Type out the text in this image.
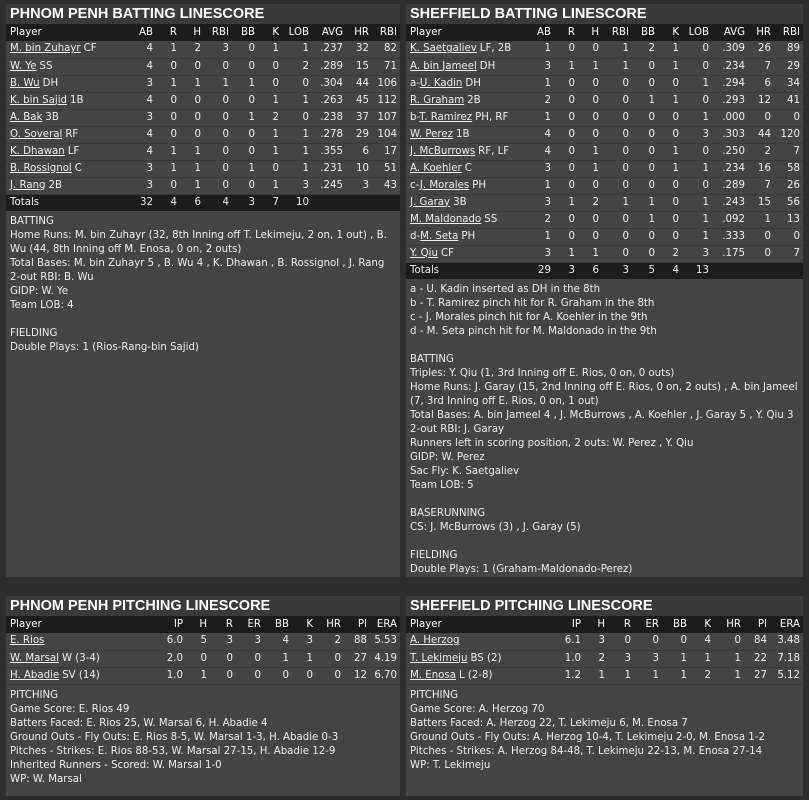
PHNOM PENH BATTING LINESCORE
Player	AB	R	H	RBI	BB	K	LOB	AVG	HR	RBI
M. bin Zuhayr CF	4	1	2	3	0	1	1	.237	32	82
W. Ye SS	4	0	0	0	0	0	2	.289	15	71
B. Wu DH	3	1	1	1	1	0	0	.304	44	106
K. bin Sajid 1B	4	0	0	0	0	1	1	.263	45	112
A. Bak 3B	3	0	0	0	1	2	0	.238	37	107
O. Soveral RF	4	0	0	0	0	1	1	.278	29	104
K. Dhawan LF	4	1	1	0	0	1	1	.355	6	17
B. Rossignol C	3	1	1	0	1	0	1	.231	10	51
J. Rang 2B	3	0	1	0	0	1	3	.245	3	43
Totals	32	4	6	4	3	7	10			
BATTING
Home Runs: M. bin Zuhayr (32, 8th Inning off T. Lekimeju, 2 on, 1 out) , B. Wu (44, 8th Inning off M. Enosa, 0 on, 2 outs)
Total Bases: M. bin Zuhayr 5 , B. Wu 4 , K. Dhawan , B. Rossignol , J. Rang
2-out RBI: B. Wu
GIDP: W. Ye
Team LOB: 4
FIELDING
Double Plays: 1 (Rios-Rang-bin Sajid)
SHEFFIELD BATTING LINESCORE
Player	AB	R	H	RBI	BB	K	LOB	AVG	HR	RBI
K. Saetgaliev LF, 2B	1	0	0	1	2	1	0	.309	26	89
A. bin Jameel DH	3	1	1	1	0	1	0	.234	7	29
a-U. Kadin DH	1	0	0	0	0	0	1	.294	6	34
R. Graham 2B	2	0	0	0	1	1	0	.293	12	41
b-T. Ramirez PH, RF	1	0	0	0	0	0	1	.000	0	0
W. Perez 1B	4	0	0	0	0	0	3	.303	44	120
J. McBurrows RF, LF	4	0	1	0	0	1	0	.250	2	7
A. Koehler C	3	0	1	0	0	1	1	.234	16	58
c-J. Morales PH	1	0	0	0	0	0	0	.289	7	26
J. Garay 3B	3	1	2	1	1	0	1	.243	15	56
M. Maldonado SS	2	0	0	0	1	0	1	.092	1	13
d-M. Seta PH	1	0	0	0	0	0	1	.333	0	0
Y. Qiu CF	3	1	1	0	0	2	3	.175	0	7
Totals	29	3	6	3	5	4	13			
a - U. Kadin inserted as DH in the 8th
b - T. Ramirez pinch hit for R. Graham in the 8th
c - J. Morales pinch hit for A. Koehler in the 9th
d - M. Seta pinch hit for M. Maldonado in the 9th
BATTING
Triples: Y. Qiu (1, 3rd Inning off E. Rios, 0 on, 0 outs)
Home Runs: J. Garay (15, 2nd Inning off E. Rios, 0 on, 2 outs) , A. bin Jameel (7, 3rd Inning off E. Rios, 0 on, 1 out)
Total Bases: A. bin Jameel 4 , J. McBurrows , A. Koehler , J. Garay 5 , Y. Qiu 3
2-out RBI: J. Garay
Runners left in scoring position, 2 outs: W. Perez , Y. Qiu
GIDP: W. Perez
Sac Fly: K. Saetgaliev
Team LOB: 5
BASERUNNING
CS: J. McBurrows (3) , J. Garay (5)
FIELDING
Double Plays: 1 (Graham-Maldonado-Perez)
PHNOM PENH PITCHING LINESCORE
Player	IP	H	R	ER	BB	K	HR	PI	ERA
E. Rios	6.0	5	3	3	4	3	2	88	5.53
W. Marsal W (3-4)	2.0	0	0	0	1	1	0	27	4.19
H. Abadie SV (14)	1.0	1	0	0	0	0	0	12	6.70
PITCHING
Game Score: E. Rios 49
Batters Faced: E. Rios 25, W. Marsal 6, H. Abadie 4
Ground Outs - Fly Outs: E. Rios 8-5, W. Marsal 1-3, H. Abadie 0-3
Pitches - Strikes: E. Rios 88-53, W. Marsal 27-15, H. Abadie 12-9
Inherited Runners - Scored: W. Marsal 1-0
WP: W. Marsal
SHEFFIELD PITCHING LINESCORE
Player	IP	H	R	ER	BB	K	HR	PI	ERA
A. Herzog	6.1	3	0	0	0	4	0	84	3.48
T. Lekimeju BS (2)	1.0	2	3	3	1	1	1	22	7.18
M. Enosa L (2-8)	1.2	1	1	1	1	2	1	27	5.12
PITCHING
Game Score: A. Herzog 70
Batters Faced: A. Herzog 22, T. Lekimeju 6, M. Enosa 7
Ground Outs - Fly Outs: A. Herzog 10-4, T. Lekimeju 2-0, M. Enosa 1-2
Pitches - Strikes: A. Herzog 84-48, T. Lekimeju 22-13, M. Enosa 27-14
WP: T. Lekimeju
